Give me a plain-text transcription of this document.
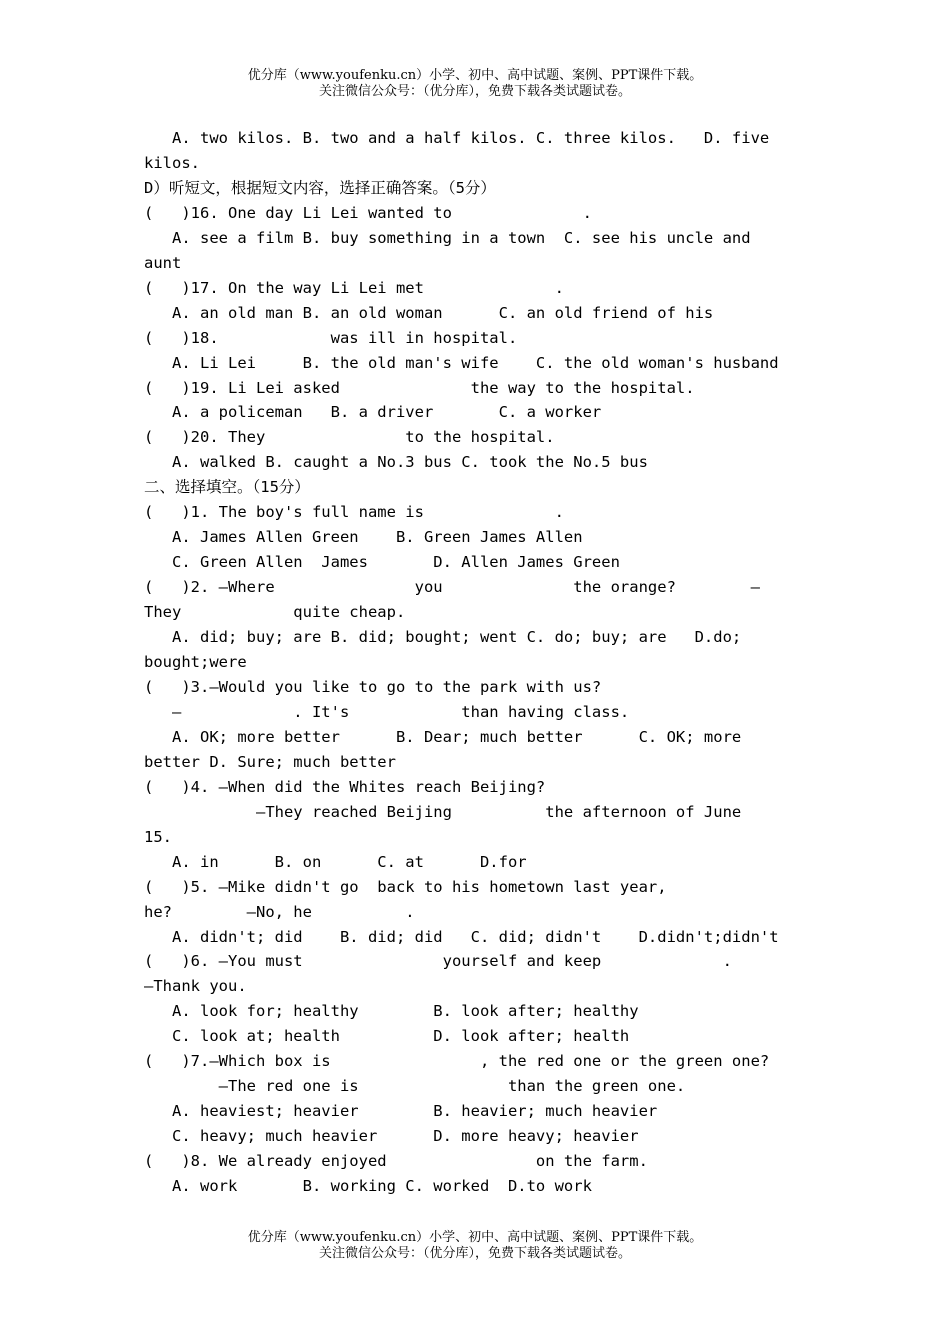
优分库（www.youfenku.cn）小学、初中、高中试题、案例、PPT课件下载。
关注微信公众号：（优分库），免费下载各类试题试卷。
A. two kilos. B. two and a half kilos. C. three kilos.   D. five
kilos.
D）听短文，根据短文内容，选择正确答案。（5分）
(   )16. One day Li Lei wanted to              .
A. see a film B. buy something in a town  C. see his uncle and
aunt
(   )17. On the way Li Lei met              .
A. an old man B. an old woman      C. an old friend of his
(   )18.            was ill in hospital.
A. Li Lei     B. the old man's wife    C. the old woman's husband
(   )19. Li Lei asked              the way to the hospital.
A. a policeman   B. a driver       C. a worker
(   )20. They               to the hospital.
A. walked B. caught a No.3 bus C. took the No.5 bus
二、选择填空。（15分）
(   )1. The boy's full name is              .
A. James Allen Green    B. Green James Allen
C. Green Allen  James       D. Allen James Green
(   )2. —Where               you              the orange?        —
They            quite cheap.
A. did; buy; are B. did; bought; went C. do; buy; are   D.do;
bought;were
(   )3.—Would you like to go to the park with us?
—            . It's            than having class.
A. OK; more better      B. Dear; much better      C. OK; more
better D. Sure; much better
(   )4. —When did the Whites reach Beijing?
—They reached Beijing          the afternoon of June
15.
A. in      B. on      C. at      D.for
(   )5. —Mike didn't go  back to his hometown last year,
he?        —No, he          .
A. didn't; did    B. did; did   C. did; didn't    D.didn't;didn't
(   )6. —You must               yourself and keep             .
—Thank you.
A. look for; healthy        B. look after; healthy
C. look at; health          D. look after; health
(   )7.—Which box is                , the red one or the green one?
—The red one is                than the green one.
A. heaviest; heavier        B. heavier; much heavier
C. heavy; much heavier      D. more heavy; heavier
(   )8. We already enjoyed                on the farm.
A. work       B. working C. worked  D.to work
优分库（www.youfenku.cn）小学、初中、高中试题、案例、PPT课件下载。
关注微信公众号：（优分库），免费下载各类试题试卷。
